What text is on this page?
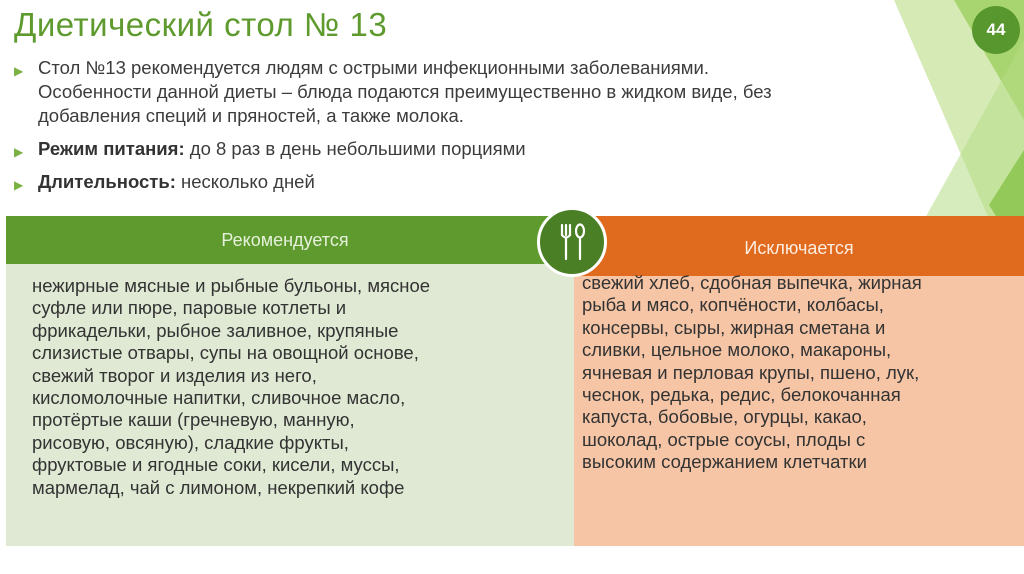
Диетический стол № 13	44
▶ Стол №13 рекомендуется людям с острыми инфекционными заболеваниями.
Особенности данной диеты – блюда подаются преимущественно в жидком виде, без
добавления специй и пряностей, а также молока.
▶ Режим питания: до 8 раз в день небольшими порциями
▶ Длительность: несколько дней
Рекомендуется	Исключается
нежирные мясные и рыбные бульоны, мясное
суфле или пюре, паровые котлеты и
фрикадельки, рыбное заливное, крупяные
слизистые отвары, супы на овощной основе,
свежий творог и изделия из него,
кисломолочные напитки, сливочное масло,
протёртые каши (гречневую, манную,
рисовую, овсяную), сладкие фрукты,
фруктовые и ягодные соки, кисели, муссы,
мармелад, чай с лимоном, некрепкий кофе
свежий хлеб, сдобная выпечка, жирная
рыба и мясо, копчёности, колбасы,
консервы, сыры, жирная сметана и
сливки, цельное молоко, макароны,
ячневая и перловая крупы, пшено, лук,
чеснок, редька, редис, белокочанная
капуста, бобовые, огурцы, какао,
шоколад, острые соусы, плоды с
высоким содержанием клетчатки
